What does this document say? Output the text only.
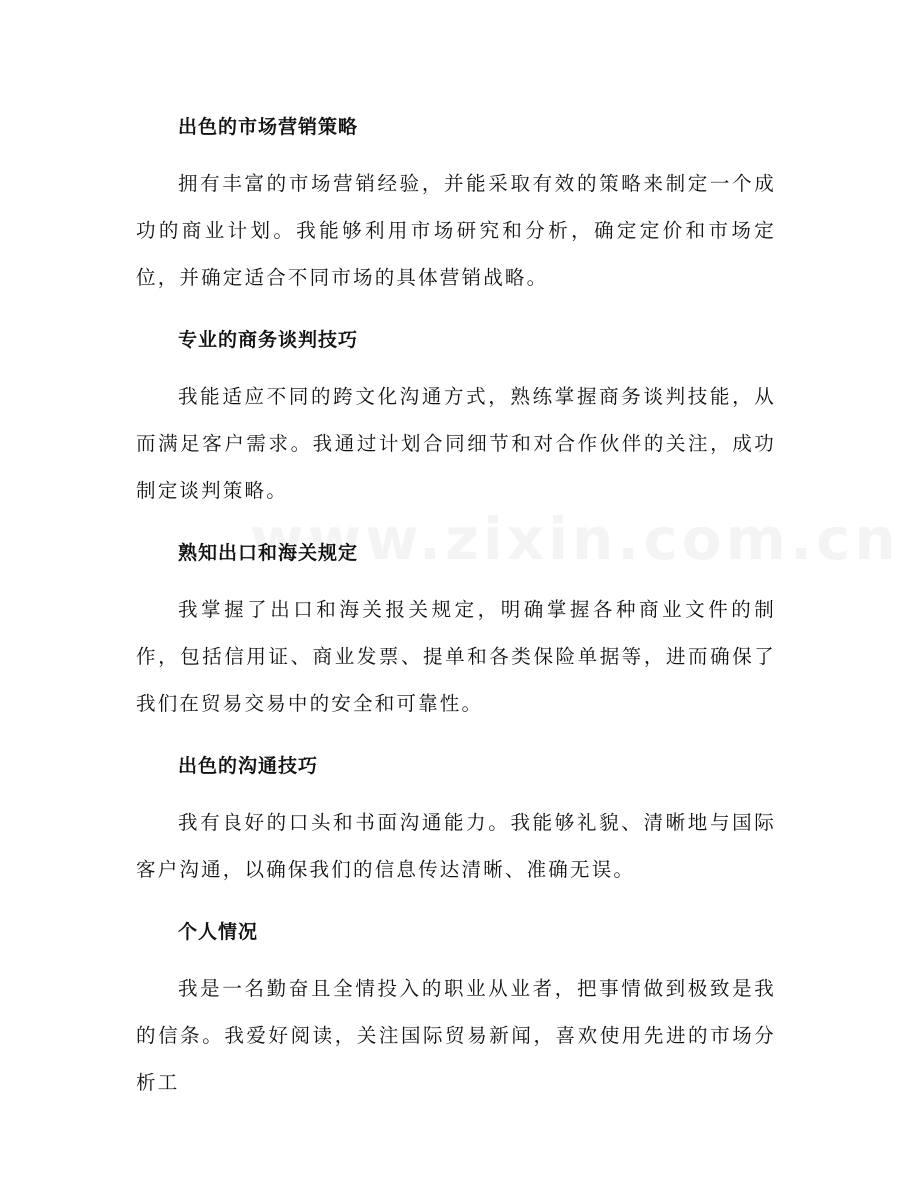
出色的市场营销策略

拥有丰富的市场营销经验，并能采取有效的策略来制定一个成功的商业计划。我能够利用市场研究和分析，确定定价和市场定位，并确定适合不同市场的具体营销战略。

专业的商务谈判技巧

我能适应不同的跨文化沟通方式，熟练掌握商务谈判技能，从而满足客户需求。我通过计划合同细节和对合作伙伴的关注，成功制定谈判策略。

熟知出口和海关规定

我掌握了出口和海关报关规定，明确掌握各种商业文件的制作，包括信用证、商业发票、提单和各类保险单据等，进而确保了我们在贸易交易中的安全和可靠性。

出色的沟通技巧

我有良好的口头和书面沟通能力。我能够礼貌、清晰地与国际客户沟通，以确保我们的信息传达清晰、准确无误。

个人情况

我是一名勤奋且全情投入的职业从业者，把事情做到极致是我的信条。我爱好阅读，关注国际贸易新闻，喜欢使用先进的市场分析工
